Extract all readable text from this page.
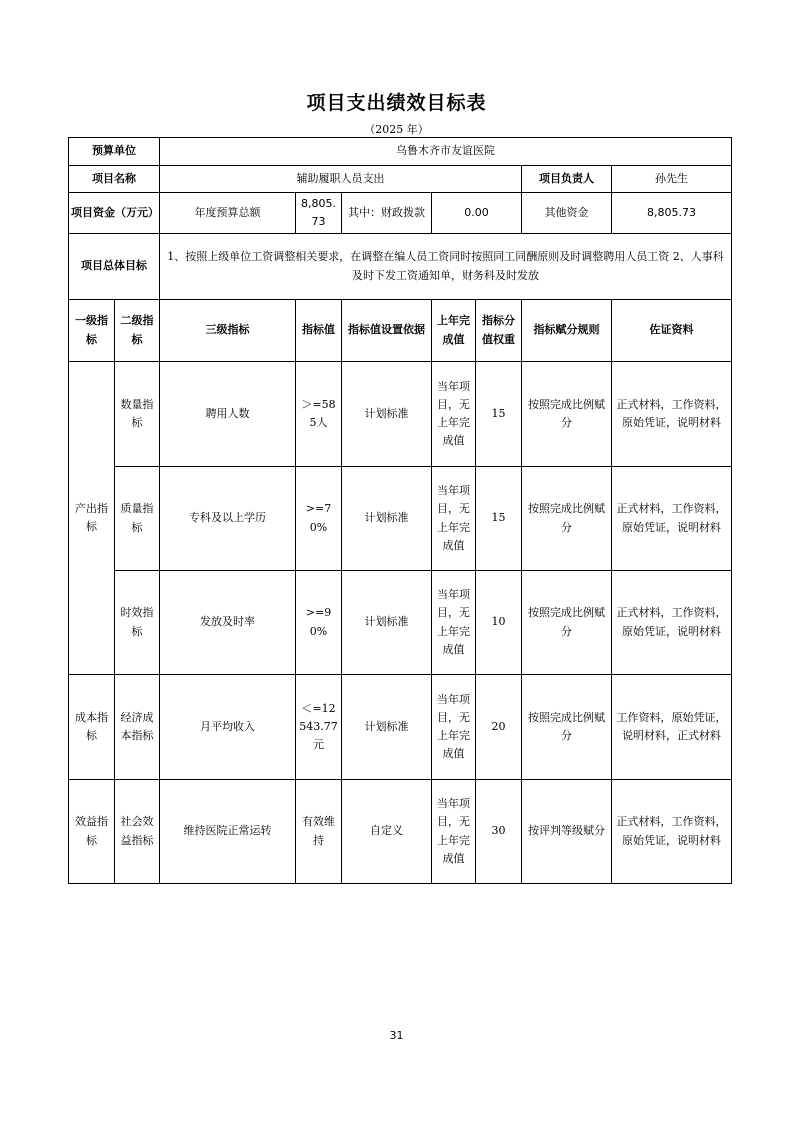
项目支出绩效目标表
（2025 年）
预算单位		乌鲁木齐市友谊医院						
项目名称		辅助履职人员支出					项目负责人	孙先生
项目资金（万元）		年度预算总额	8,805.73	其中：财政拨款	0.00		其他资金	8,805.73
项目总体目标		1、按照上级单位工资调整相关要求，在调整在编人员工资同时按照同工同酬原则及时调整聘用人员工资 2、人事科及时下发工资通知单，财务科及时发放						
一级指标	二级指标	三级指标	指标值	指标值设置依据	上年完成值	指标分值权重	指标赋分规则	佐证资料
产出指标	数量指标	聘用人数	＞=585人	计划标准	当年项目，无上年完成值	15	按照完成比例赋分	正式材料，工作资料，原始凭证，说明材料
	质量指标	专科及以上学历	>=70%	计划标准	当年项目，无上年完成值	15	按照完成比例赋分	正式材料，工作资料，原始凭证，说明材料
	时效指标	发放及时率	>=90%	计划标准	当年项目，无上年完成值	10	按照完成比例赋分	正式材料，工作资料，原始凭证，说明材料
成本指标	经济成本指标	月平均收入	＜=12543.77元	计划标准	当年项目，无上年完成值	20	按照完成比例赋分	工作资料，原始凭证，说明材料，正式材料
效益指标	社会效益指标	维持医院正常运转	有效维持	自定义	当年项目，无上年完成值	30	按评判等级赋分	正式材料，工作资料，原始凭证，说明材料
31
